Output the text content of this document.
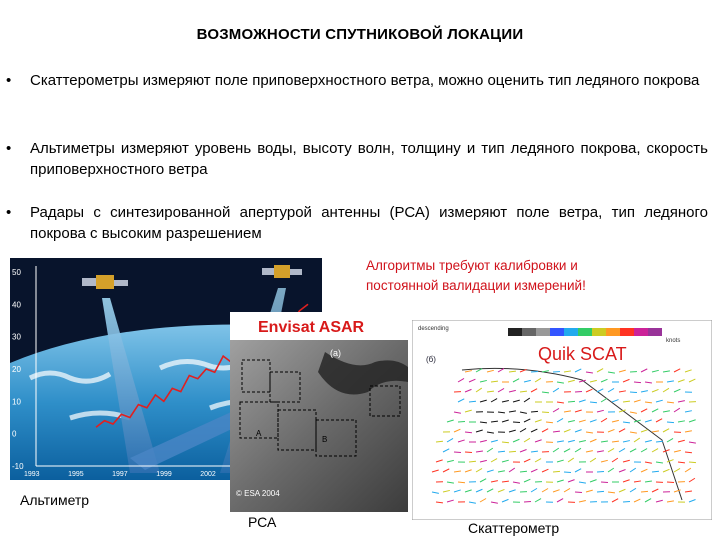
ВОЗМОЖНОСТИ СПУТНИКОВОЙ ЛОКАЦИИ
• Скаттерометры измеряют поле приповерхностного ветра, можно оценить тип ледяного покрова
• Альтиметры измеряют уровень воды, высоту волн, толщину и тип ледяного покрова, скорость приповерхностного ветра
• Радары с синтезированной апертурой антенны (РСА) измеряют поле ветра, тип ледяного покрова с высоким разрешением
Алгоритмы требуют калибровки и
постоянной валидации измерений!
50
40
30
20
10
0
-10
1993	1995	1997	1999	2002
Альтиметр
Envisat ASAR
(a)
A
B
© ESA 2004
РСА
descending
knots
Quik SCAT
(б)
Скаттерометр
